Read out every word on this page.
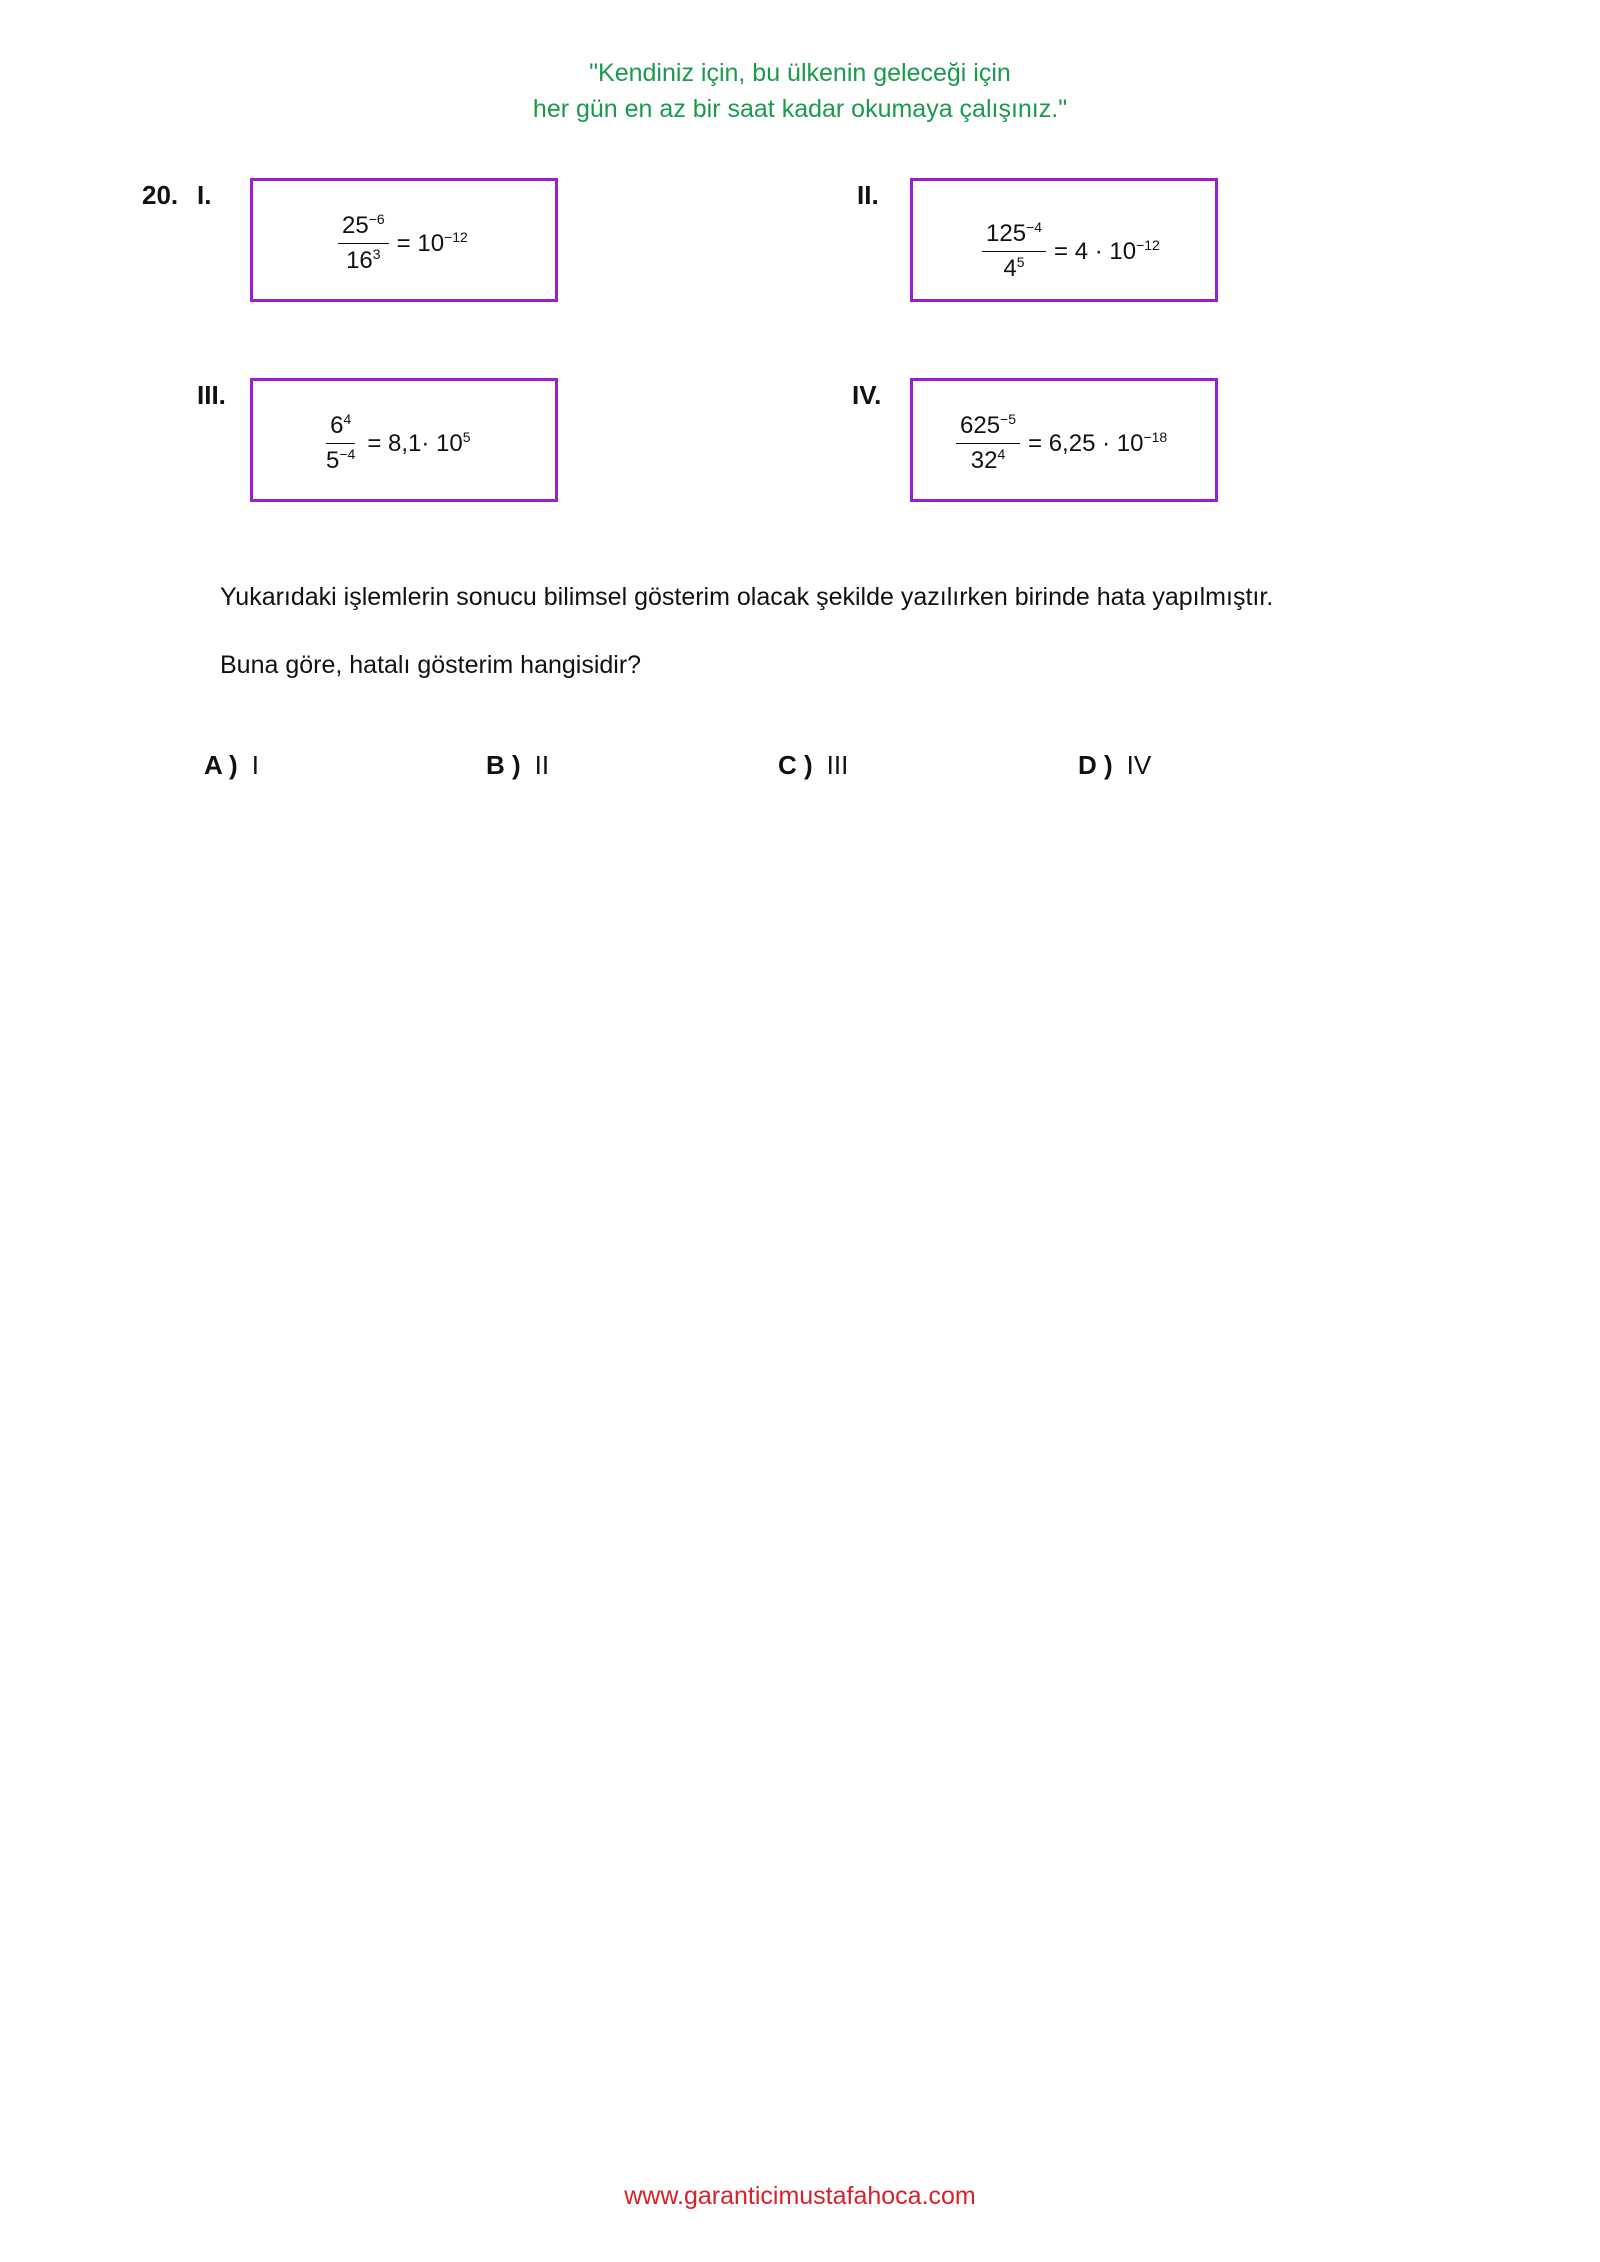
"Kendiniz için, bu ülkenin geleceği için
her gün en az bir saat kadar okumaya çalışınız."
20. I.
$\frac{25^{-6}}{16^3} = 10^{-12}$
II.
$\frac{125^{-4}}{4^5} = 4 \cdot 10^{-12}$
III.
$\frac{6^4}{5^{-4}} = 8,1\cdot 10^5$
IV.
$\frac{625^{-5}}{32^4} = 6,25 \cdot 10^{-18}$
Yukarıdaki işlemlerin sonucu bilimsel gösterim olacak şekilde yazılırken birinde hata yapılmıştır.
Buna göre, hatalı gösterim hangisidir?
A ) I	B ) II	C ) III	D ) IV
www.garanticimustafahoca.com
